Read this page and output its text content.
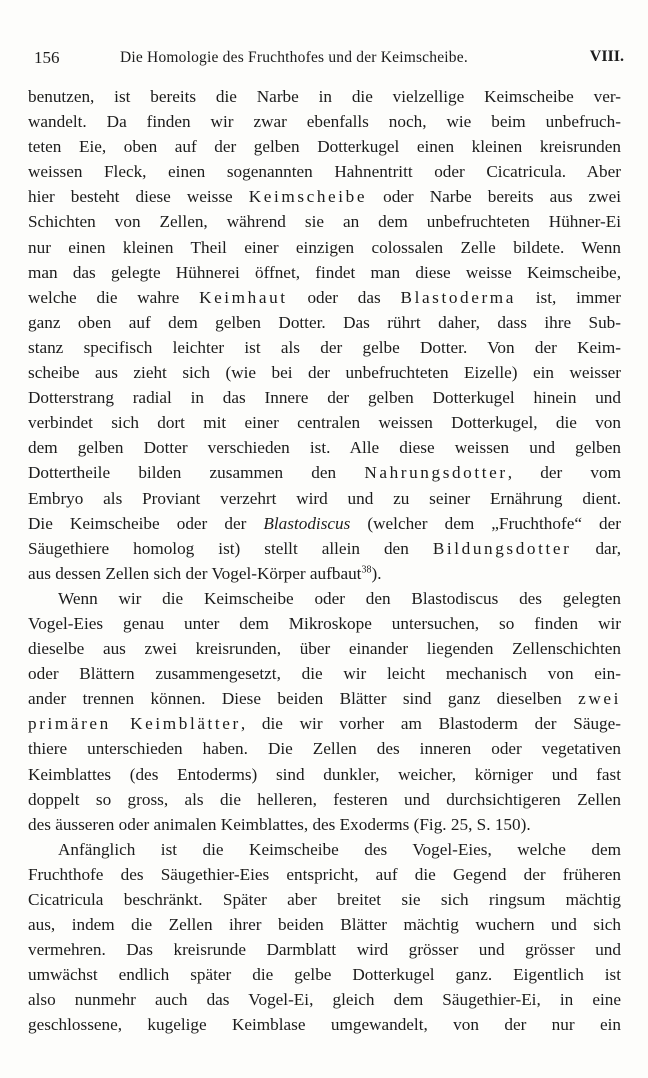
156	Die Homologie des Fruchthofes und der Keimscheibe.	VIII.
benutzen, ist bereits die Narbe in die vielzellige Keimscheibe ver-
wandelt. Da finden wir zwar ebenfalls noch, wie beim unbefruch-
teten Eie, oben auf der gelben Dotterkugel einen kleinen kreisrunden
weissen Fleck, einen sogenannten Hahnentritt oder Cicatricula. Aber
hier besteht diese weisse Keimscheibe oder Narbe bereits aus zwei
Schichten von Zellen, während sie an dem unbefruchteten Hühner-Ei
nur einen kleinen Theil einer einzigen colossalen Zelle bildete. Wenn
man das gelegte Hühnerei öffnet, findet man diese weisse Keimscheibe,
welche die wahre Keimhaut oder das Blastoderma ist, immer
ganz oben auf dem gelben Dotter. Das rührt daher, dass ihre Sub-
stanz specifisch leichter ist als der gelbe Dotter. Von der Keim-
scheibe aus zieht sich (wie bei der unbefruchteten Eizelle) ein weisser
Dotterstrang radial in das Innere der gelben Dotterkugel hinein und
verbindet sich dort mit einer centralen weissen Dotterkugel, die von
dem gelben Dotter verschieden ist. Alle diese weissen und gelben
Dottertheile bilden zusammen den Nahrungsdotter, der vom
Embryo als Proviant verzehrt wird und zu seiner Ernährung dient.
Die Keimscheibe oder der Blastodiscus (welcher dem „Fruchthofe“ der
Säugethiere homolog ist) stellt allein den Bildungsdotter dar,
aus dessen Zellen sich der Vogel-Körper aufbaut$^{38}$).
Wenn wir die Keimscheibe oder den Blastodiscus des gelegten
Vogel-Eies genau unter dem Mikroskope untersuchen, so finden wir
dieselbe aus zwei kreisrunden, über einander liegenden Zellenschichten
oder Blättern zusammengesetzt, die wir leicht mechanisch von ein-
ander trennen können. Diese beiden Blätter sind ganz dieselben zwei
primären Keimblätter, die wir vorher am Blastoderm der Säuge-
thiere unterschieden haben. Die Zellen des inneren oder vegetativen
Keimblattes (des Entoderms) sind dunkler, weicher, körniger und fast
doppelt so gross, als die helleren, festeren und durchsichtigeren Zellen
des äusseren oder animalen Keimblattes, des Exoderms (Fig. 25, S. 150).
Anfänglich ist die Keimscheibe des Vogel-Eies, welche dem
Fruchthofe des Säugethier-Eies entspricht, auf die Gegend der früheren
Cicatricula beschränkt. Später aber breitet sie sich ringsum mächtig
aus, indem die Zellen ihrer beiden Blätter mächtig wuchern und sich
vermehren. Das kreisrunde Darmblatt wird grösser und grösser und
umwächst endlich später die gelbe Dotterkugel ganz. Eigentlich ist
also nunmehr auch das Vogel-Ei, gleich dem Säugethier-Ei, in eine
geschlossene, kugelige Keimblase umgewandelt, von der nur ein
